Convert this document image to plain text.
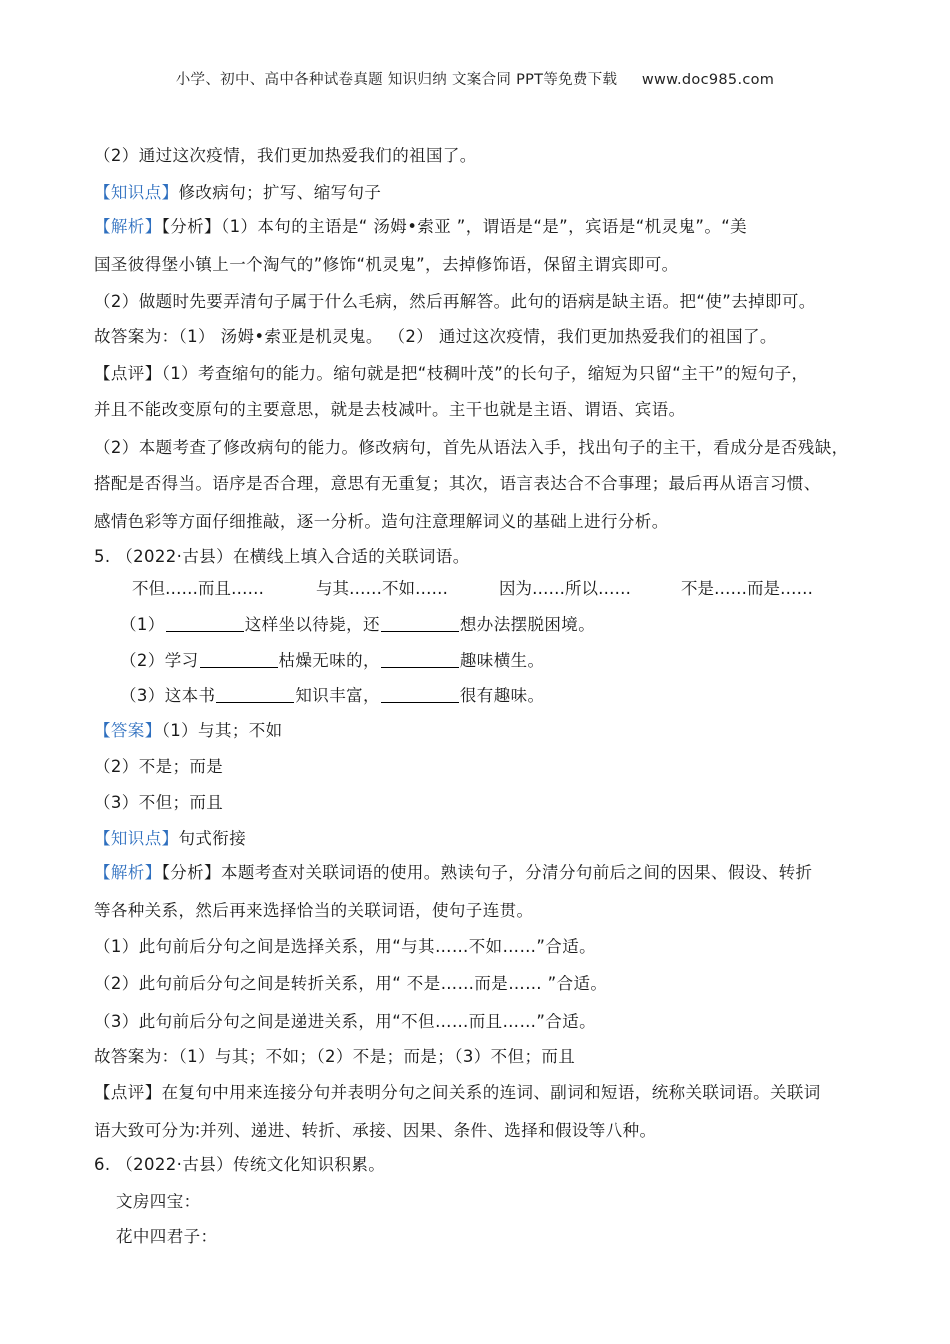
小学、初中、高中各种试卷真题 知识归纳 文案合同 PPT等免费下载     www.doc985.com
（2）通过这次疫情，我们更加热爱我们的祖国了。
【知识点】修改病句；扩写、缩写句子
【解析】【分析】（1）本句的主语是“ 汤姆•索亚 ”，谓语是“是”，宾语是“机灵鬼”。“美
国圣彼得堡小镇上一个淘气的”修饰“机灵鬼”，去掉修饰语，保留主谓宾即可。
（2）做题时先要弄清句子属于什么毛病，然后再解答。此句的语病是缺主语。把“使”去掉即可。
故答案为：（1） 汤姆•索亚是机灵鬼。 （2） 通过这次疫情，我们更加热爱我们的祖国了。
【点评】（1）考查缩句的能力。缩句就是把“枝稠叶茂”的长句子，缩短为只留“主干”的短句子，
并且不能改变原句的主要意思，就是去枝减叶。主干也就是主语、谓语、宾语。
（2）本题考查了修改病句的能力。修改病句，首先从语法入手，找出句子的主干，看成分是否残缺，
搭配是否得当。语序是否合理，意思有无重复；其次，语言表达合不合事理；最后再从语言习惯、
感情色彩等方面仔细推敲，逐一分析。造句注意理解词义的基础上进行分析。
5. （2022·古县）在横线上填入合适的关联词语。
不但……而且……	与其……不如……	因为……所以……	不是……而是……
（1）	这样坐以待毙，还	想办法摆脱困境。
（2）学习	枯燥无味的，	趣味横生。
（3）这本书	知识丰富，	很有趣味。
【答案】（1）与其；不如
（2）不是；而是
（3）不但；而且
【知识点】句式衔接
【解析】【分析】本题考查对关联词语的使用。熟读句子，分清分句前后之间的因果、假设、转折
等各种关系，然后再来选择恰当的关联词语，使句子连贯。
（1）此句前后分句之间是选择关系，用“与其……不如……”合适。
（2）此句前后分句之间是转折关系，用“ 不是……而是…… ”合适。
（3）此句前后分句之间是递进关系，用“不但……而且……”合适。
故答案为：（1）与其；不如；（2）不是；而是；（3）不但；而且
【点评】在复句中用来连接分句并表明分句之间关系的连词、副词和短语，统称关联词语。关联词
语大致可分为∶并列、递进、转折、承接、因果、条件、选择和假设等八种。
6. （2022·古县）传统文化知识积累。
文房四宝：
花中四君子：
